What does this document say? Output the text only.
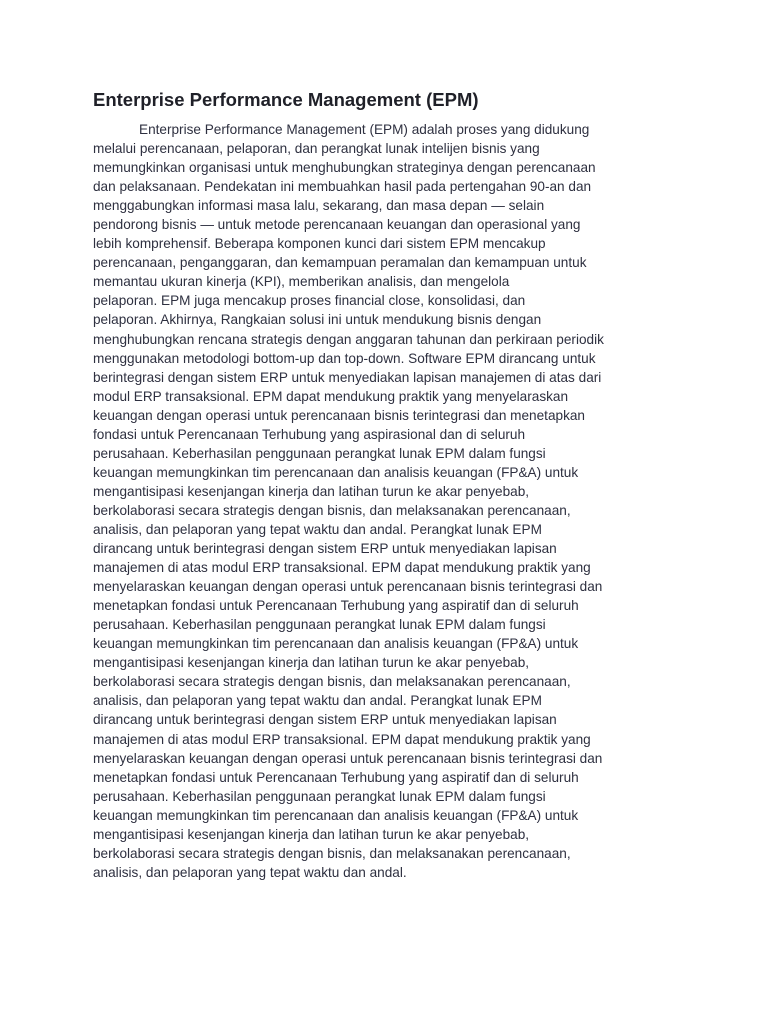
Enterprise Performance Management (EPM)
Enterprise Performance Management (EPM) adalah proses yang didukung
melalui perencanaan, pelaporan, dan perangkat lunak intelijen bisnis yang
memungkinkan organisasi untuk menghubungkan strateginya dengan perencanaan
dan pelaksanaan. Pendekatan ini membuahkan hasil pada pertengahan 90-an dan
menggabungkan informasi masa lalu, sekarang, dan masa depan — selain
pendorong bisnis — untuk metode perencanaan keuangan dan operasional yang
lebih komprehensif. Beberapa komponen kunci dari sistem EPM mencakup
perencanaan, penganggaran, dan kemampuan peramalan dan kemampuan untuk
memantau ukuran kinerja (KPI), memberikan analisis, dan mengelola
pelaporan. EPM juga mencakup proses financial close, konsolidasi, dan
pelaporan. Akhirnya, Rangkaian solusi ini untuk mendukung bisnis dengan
menghubungkan rencana strategis dengan anggaran tahunan dan perkiraan periodik
menggunakan metodologi bottom-up dan top-down. Software EPM dirancang untuk
berintegrasi dengan sistem ERP untuk menyediakan lapisan manajemen di atas dari
modul ERP transaksional. EPM dapat mendukung praktik yang menyelaraskan
keuangan dengan operasi untuk perencanaan bisnis terintegrasi dan menetapkan
fondasi untuk Perencanaan Terhubung yang aspirasional dan di seluruh
perusahaan. Keberhasilan penggunaan perangkat lunak EPM dalam fungsi
keuangan memungkinkan tim perencanaan dan analisis keuangan (FP&A) untuk
mengantisipasi kesenjangan kinerja dan latihan turun ke akar penyebab,
berkolaborasi secara strategis dengan bisnis, dan melaksanakan perencanaan,
analisis, dan pelaporan yang tepat waktu dan andal. Perangkat lunak EPM
dirancang untuk berintegrasi dengan sistem ERP untuk menyediakan lapisan
manajemen di atas modul ERP transaksional. EPM dapat mendukung praktik yang
menyelaraskan keuangan dengan operasi untuk perencanaan bisnis terintegrasi dan
menetapkan fondasi untuk Perencanaan Terhubung yang aspiratif dan di seluruh
perusahaan. Keberhasilan penggunaan perangkat lunak EPM dalam fungsi
keuangan memungkinkan tim perencanaan dan analisis keuangan (FP&A) untuk
mengantisipasi kesenjangan kinerja dan latihan turun ke akar penyebab,
berkolaborasi secara strategis dengan bisnis, dan melaksanakan perencanaan,
analisis, dan pelaporan yang tepat waktu dan andal. Perangkat lunak EPM
dirancang untuk berintegrasi dengan sistem ERP untuk menyediakan lapisan
manajemen di atas modul ERP transaksional. EPM dapat mendukung praktik yang
menyelaraskan keuangan dengan operasi untuk perencanaan bisnis terintegrasi dan
menetapkan fondasi untuk Perencanaan Terhubung yang aspiratif dan di seluruh
perusahaan. Keberhasilan penggunaan perangkat lunak EPM dalam fungsi
keuangan memungkinkan tim perencanaan dan analisis keuangan (FP&A) untuk
mengantisipasi kesenjangan kinerja dan latihan turun ke akar penyebab,
berkolaborasi secara strategis dengan bisnis, dan melaksanakan perencanaan,
analisis, dan pelaporan yang tepat waktu dan andal.
